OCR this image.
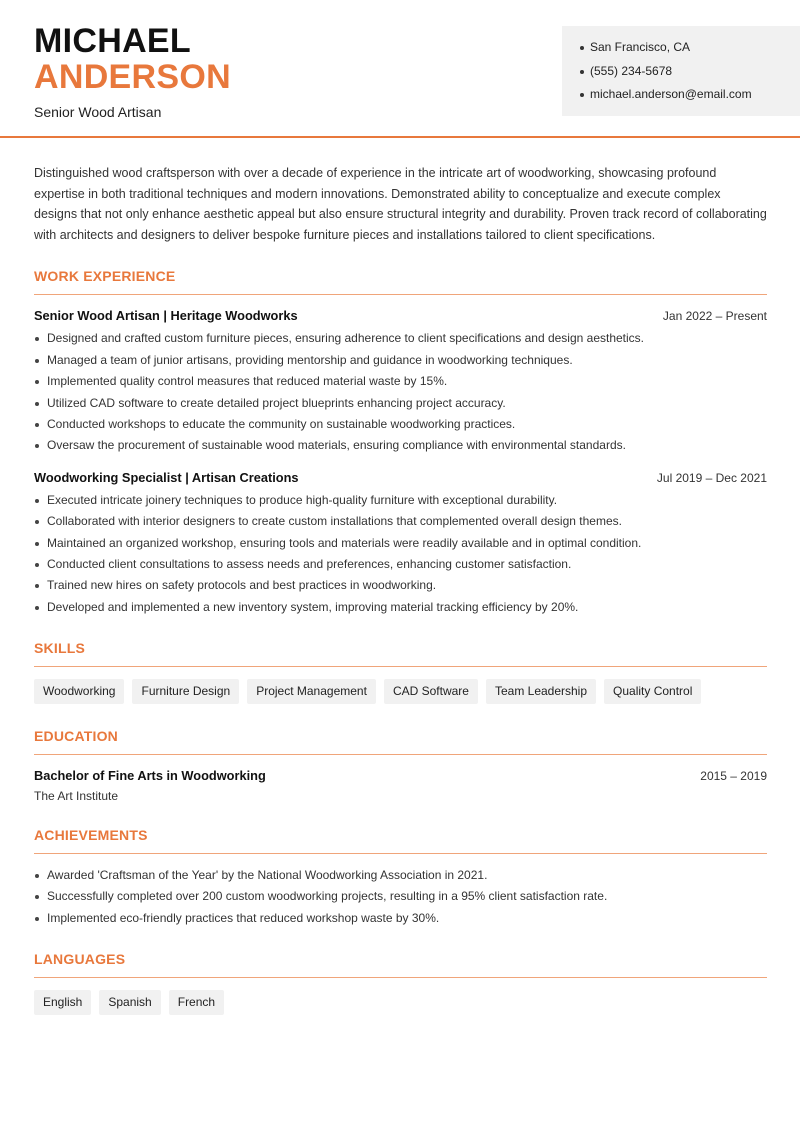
MICHAEL
ANDERSON
Senior Wood Artisan
San Francisco, CA
(555) 234-5678
michael.anderson@email.com

Distinguished wood craftsperson with over a decade of experience in the intricate art of woodworking, showcasing profound expertise in both traditional techniques and modern innovations. Demonstrated ability to conceptualize and execute complex designs that not only enhance aesthetic appeal but also ensure structural integrity and durability. Proven track record of collaborating with architects and designers to deliver bespoke furniture pieces and installations tailored to client specifications.

WORK EXPERIENCE
Senior Wood Artisan | Heritage Woodworks	Jan 2022 – Present
Designed and crafted custom furniture pieces, ensuring adherence to client specifications and design aesthetics.
Managed a team of junior artisans, providing mentorship and guidance in woodworking techniques.
Implemented quality control measures that reduced material waste by 15%.
Utilized CAD software to create detailed project blueprints enhancing project accuracy.
Conducted workshops to educate the community on sustainable woodworking practices.
Oversaw the procurement of sustainable wood materials, ensuring compliance with environmental standards.
Woodworking Specialist | Artisan Creations	Jul 2019 – Dec 2021
Executed intricate joinery techniques to produce high-quality furniture with exceptional durability.
Collaborated with interior designers to create custom installations that complemented overall design themes.
Maintained an organized workshop, ensuring tools and materials were readily available and in optimal condition.
Conducted client consultations to assess needs and preferences, enhancing customer satisfaction.
Trained new hires on safety protocols and best practices in woodworking.
Developed and implemented a new inventory system, improving material tracking efficiency by 20%.
SKILLS
Woodworking	Furniture Design	Project Management	CAD Software	Team Leadership	Quality Control
EDUCATION
Bachelor of Fine Arts in Woodworking	2015 – 2019
The Art Institute
ACHIEVEMENTS
Awarded 'Craftsman of the Year' by the National Woodworking Association in 2021.
Successfully completed over 200 custom woodworking projects, resulting in a 95% client satisfaction rate.
Implemented eco-friendly practices that reduced workshop waste by 30%.
LANGUAGES
English	Spanish	French
